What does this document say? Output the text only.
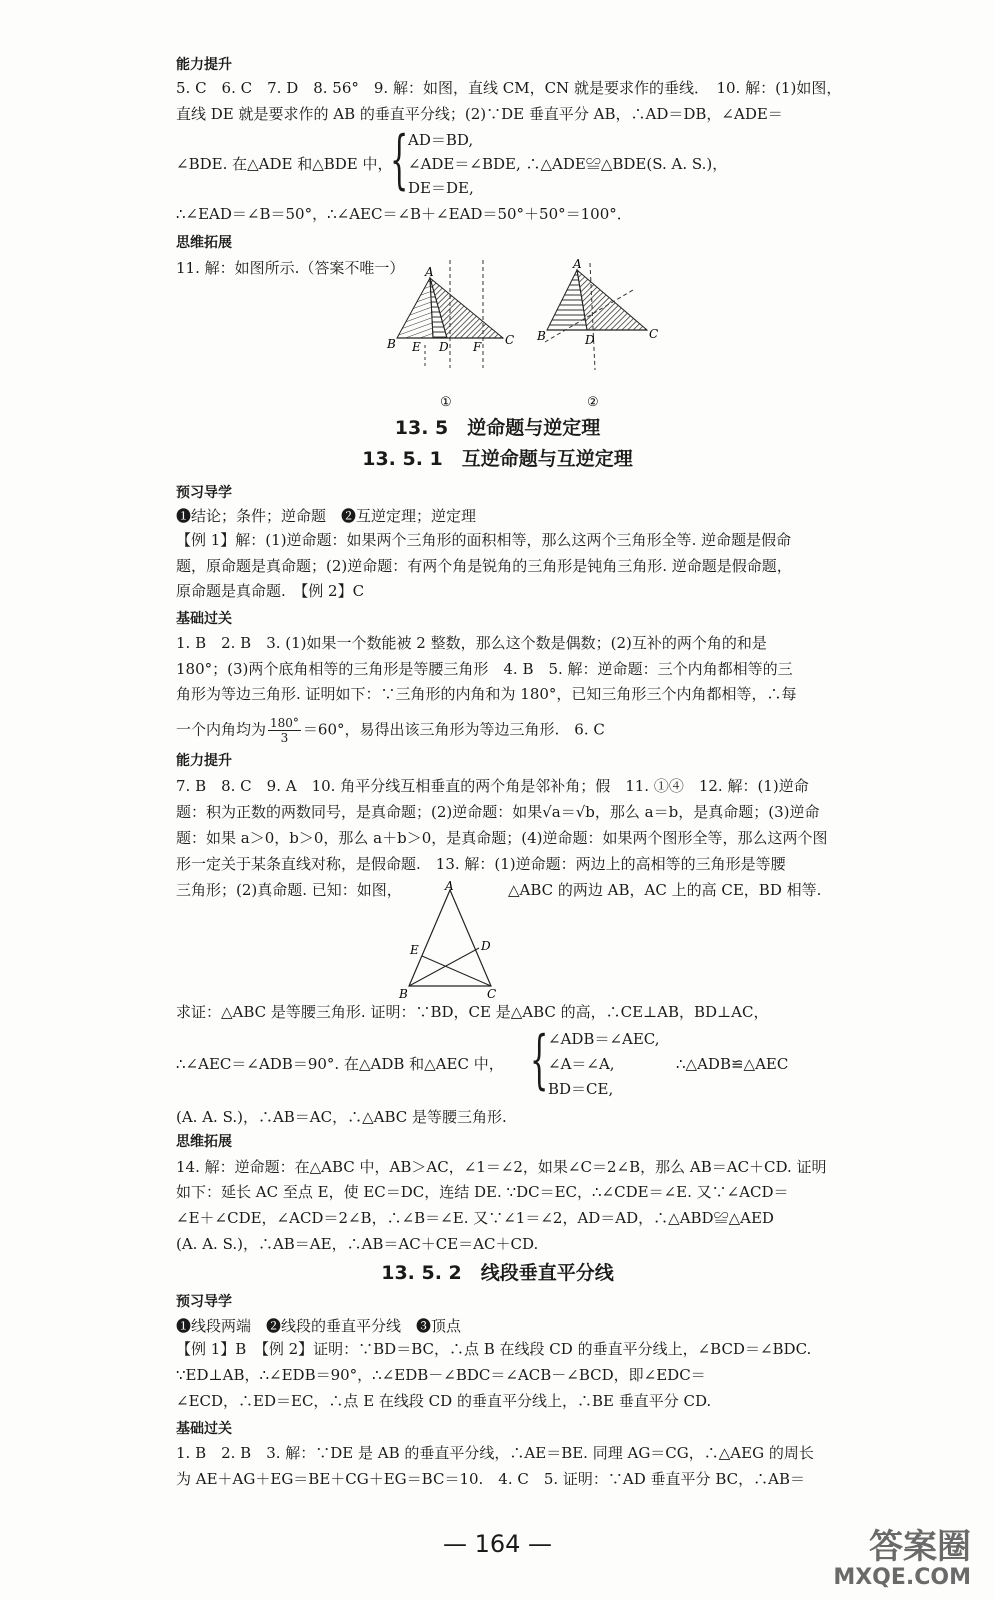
能力提升
5. C　6. C　7. D　8. 56°　9. 解：如图，直线 CM，CN 就是要求作的垂线．　10. 解：(1)如图，
直线 DE 就是要求作的 AB 的垂直平分线；(2)∵DE 垂直平分 AB，∴AD＝DB，∠ADE＝
∠BDE. 在△ADE 和△BDE 中，
{ AD＝BD,
∠ADE＝∠BDE, ∴△ADE≌△BDE(S. A. S.)，
DE＝DE,
∴∠EAD＝∠B＝50°，∴∠AEC＝∠B＋∠EAD＝50°＋50°＝100°．
思维拓展
11. 解：如图所示.（答案不唯一） A
B	C
E D F
①
A
B	C
D
②
13. 5　逆命题与逆定理
13. 5. 1　互逆命题与互逆定理
预习导学
❶结论；条件；逆命题　❷互逆定理；逆定理
【例 1】解：(1)逆命题：如果两个三角形的面积相等，那么这两个三角形全等. 逆命题是假命
题，原命题是真命题；(2)逆命题：有两个角是锐角的三角形是钝角三角形. 逆命题是假命题，
原命题是真命题.　【例 2】C
基础过关
1. B　2. B　3. (1)如果一个数能被 2 整数，那么这个数是偶数；(2)互补的两个角的和是
180°；(3)两个底角相等的三角形是等腰三角形　4. B　5. 解：逆命题：三个内角都相等的三
角形为等边三角形. 证明如下：∵三角形的内角和为 180°，已知三角形三个内角都相等，∴每
一个内角均为 $\frac{180^\circ}{3} =60^\circ$，易得出该三角形为等边三角形.　6. C
能力提升
7. B　8. C　9. A　10. 角平分线互相垂直的两个角是邻补角；假　11. ①④　12. 解：(1)逆命
题：积为正数的两数同号，是真命题；(2)逆命题：如果√a＝√b，那么 a＝b，是真命题；(3)逆命
题：如果 a＞0，b＞0，那么 a＋b＞0，是真命题；(4)逆命题：如果两个图形全等，那么这两个图
形一定关于某条直线对称，是假命题.　13. 解：(1)逆命题：两边上的高相等的三角形是等腰
三角形；(2)真命题. 已知：如图，	△ABC 的两边 AB，AC 上的高 CE，BD 相等.
A
B	C
D
E
求证：△ABC 是等腰三角形. 证明：∵BD，CE 是△ABC 的高，∴CE⊥AB，BD⊥AC，
∴∠AEC＝∠ADB＝90°. 在△ADB 和△AEC 中， { ∠ADB＝∠AEC,
∠A＝∠A,
BD＝CE,
∴△ADB≌△AEC
(A. A. S.)，∴AB＝AC，∴△ABC 是等腰三角形.
思维拓展
14. 解：逆命题：在△ABC 中，AB＞AC，∠1＝∠2，如果∠C＝2∠B，那么 AB＝AC＋CD. 证明
如下：延长 AC 至点 E，使 EC＝DC，连结 DE. ∵DC＝EC，∴∠CDE＝∠E. 又∵∠ACD＝
∠E＋∠CDE，∠ACD＝2∠B，∴∠B＝∠E. 又∵∠1＝∠2，AD＝AD，∴△ABD≌△AED
(A. A. S.)，∴AB＝AE，∴AB＝AC＋CE＝AC＋CD.
13. 5. 2　线段垂直平分线
预习导学
❶线段两端　❷线段的垂直平分线　❸顶点
【例 1】B　【例 2】证明：∵BD＝BC，∴点 B 在线段 CD 的垂直平分线上，∠BCD＝∠BDC.
∵ED⊥AB，∴∠EDB＝90°，∴∠EDB－∠BDC＝∠ACB－∠BCD，即∠EDC＝
∠ECD，∴ED＝EC，∴点 E 在线段 CD 的垂直平分线上，∴BE 垂直平分 CD.
基础过关
1. B　2. B　3. 解：∵DE 是 AB 的垂直平分线，∴AE＝BE. 同理 AG＝CG，∴△AEG 的周长
为 AE＋AG＋EG＝BE＋CG＋EG＝BC＝10.　4. C　5. 证明：∵AD 垂直平分 BC，∴AB＝
— 164 —	答案圈
MXQE.COM
